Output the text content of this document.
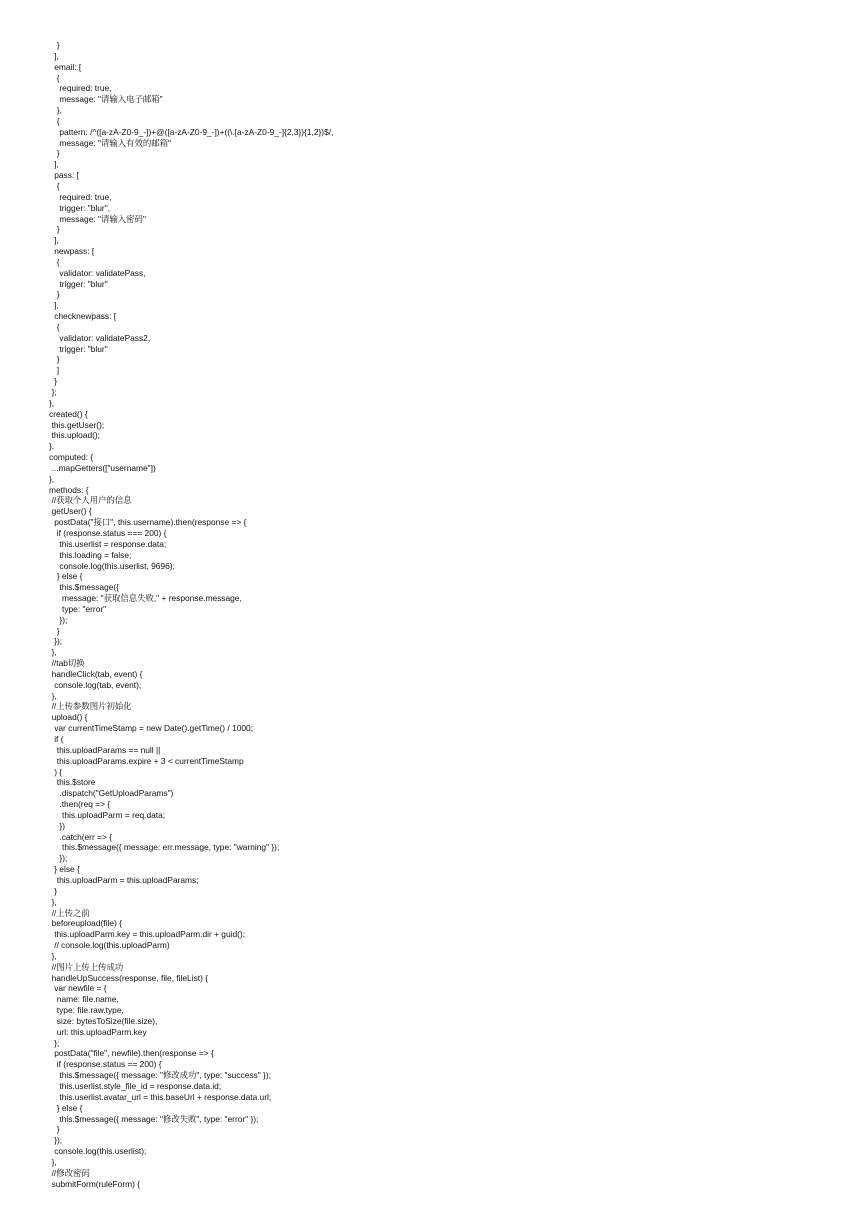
}
],
email: [
{
required: true,
message: "请输入电子邮箱"
},
{
pattern: /^([a-zA-Z0-9_-])+@([a-zA-Z0-9_-])+((\.[a-zA-Z0-9_-]{2,3}){1,2})$/,
message: "请输入有效的邮箱"
}
],
pass: [
{
required: true,
trigger: "blur",
message: "请输入密码"
}
],
newpass: [
{
validator: validatePass,
trigger: "blur"
}
],
checknewpass: [
{
validator: validatePass2,
trigger: "blur"
}
]
}
};
},
created() {
this.getUser();
this.upload();
},
computed: {
...mapGetters(["username"])
},
methods: {
//获取个人用户的信息
getUser() {
postData("接口", this.username).then(response => {
if (response.status === 200) {
this.userlist = response.data;
this.loading = false;
console.log(this.userlist, 9696);
} else {
this.$message({
message: "获取信息失败," + response.message,
type: "error"
});
}
});
},
//tab切换
handleClick(tab, event) {
console.log(tab, event);
},
//上传参数图片初始化
upload() {
var currentTimeStamp = new Date().getTime() / 1000;
if (
this.uploadParams == null ||
this.uploadParams.expire + 3 < currentTimeStamp
) {
this.$store
.dispatch("GetUploadParams")
.then(req => {
this.uploadParm = req.data;
})
.catch(err => {
this.$message({ message: err.message, type: "warning" });
});
} else {
this.uploadParm = this.uploadParams;
}
},
//上传之前
beforeupload(file) {
this.uploadParm.key = this.uploadParm.dir + guid();
// console.log(this.uploadParm)
},
//图片上传上传成功
handleUpSuccess(response, file, fileList) {
var newfile = {
name: file.name,
type: file.raw.type,
size: bytesToSize(file.size),
url: this.uploadParm.key
};
postData("file", newfile).then(response => {
if (response.status == 200) {
this.$message({ message: "修改成功", type: "success" });
this.userlist.style_file_id = response.data.id;
this.userlist.avatar_url = this.baseUrl + response.data.url;
} else {
this.$message({ message: "修改失败", type: "error" });
}
});
console.log(this.userlist);
},
//修改密码
submitForm(ruleForm) {
